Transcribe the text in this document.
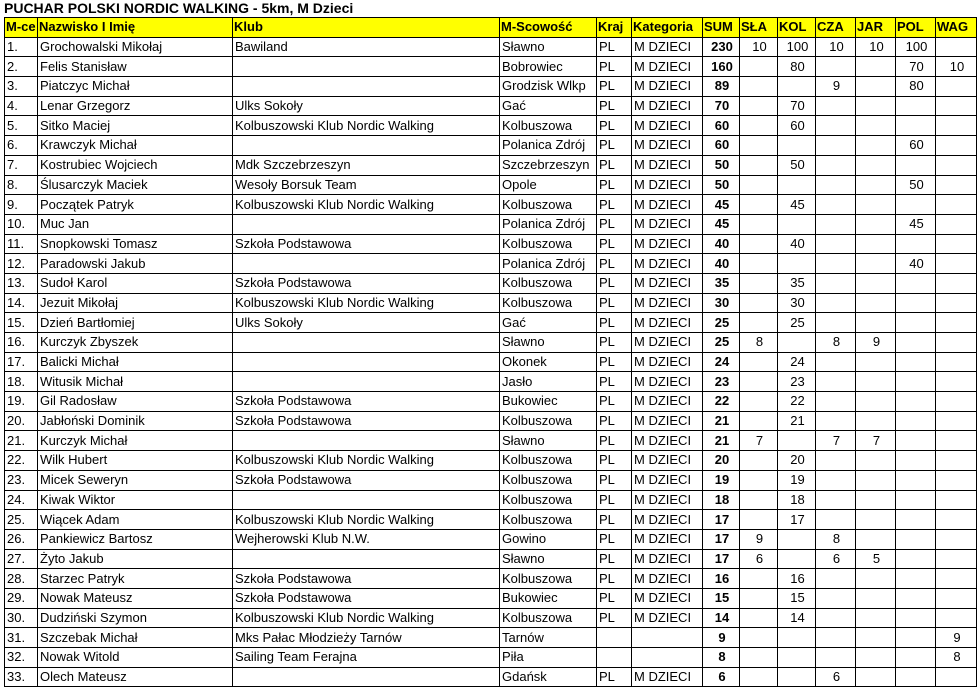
PUCHAR POLSKI NORDIC WALKING - 5km, M Dzieci
M-ce	Nazwisko I Imię	Klub	M-Scowość	Kraj	Kategoria	SUM	SŁA	KOL	CZA	JAR	POL	WAG
1.	Grochowalski Mikołaj	Bawiland	Sławno	PL	M DZIECI	230	10	100	10	10	100	
2.	Felis Stanisław		Bobrowiec	PL	M DZIECI	160		80			70	10
3.	Piatczyc Michał		Grodzisk Wlkp	PL	M DZIECI	89			9		80	
4.	Lenar Grzegorz	Ulks Sokoły	Gać	PL	M DZIECI	70		70				
5.	Sitko Maciej	Kolbuszowski Klub Nordic Walking	Kolbuszowa	PL	M DZIECI	60		60				
6.	Krawczyk Michał		Polanica Zdrój	PL	M DZIECI	60					60	
7.	Kostrubiec Wojciech	Mdk Szczebrzeszyn	Szczebrzeszyn	PL	M DZIECI	50		50				
8.	Ślusarczyk Maciek	Wesoły Borsuk Team	Opole	PL	M DZIECI	50					50	
9.	Początek Patryk	Kolbuszowski Klub Nordic Walking	Kolbuszowa	PL	M DZIECI	45		45				
10.	Muc Jan		Polanica Zdrój	PL	M DZIECI	45					45	
11.	Snopkowski Tomasz	Szkoła Podstawowa	Kolbuszowa	PL	M DZIECI	40		40				
12.	Paradowski Jakub		Polanica Zdrój	PL	M DZIECI	40					40	
13.	Sudoł Karol	Szkoła Podstawowa	Kolbuszowa	PL	M DZIECI	35		35				
14.	Jezuit Mikołaj	Kolbuszowski Klub Nordic Walking	Kolbuszowa	PL	M DZIECI	30		30				
15.	Dzień Bartłomiej	Ulks Sokoły	Gać	PL	M DZIECI	25		25				
16.	Kurczyk Zbyszek		Sławno	PL	M DZIECI	25	8		8	9		
17.	Balicki Michał		Okonek	PL	M DZIECI	24		24				
18.	Witusik Michał		Jasło	PL	M DZIECI	23		23				
19.	Gil Radosław	Szkoła Podstawowa	Bukowiec	PL	M DZIECI	22		22				
20.	Jabłoński Dominik	Szkoła Podstawowa	Kolbuszowa	PL	M DZIECI	21		21				
21.	Kurczyk Michał		Sławno	PL	M DZIECI	21	7		7	7		
22.	Wilk Hubert	Kolbuszowski Klub Nordic Walking	Kolbuszowa	PL	M DZIECI	20		20				
23.	Micek Seweryn	Szkoła Podstawowa	Kolbuszowa	PL	M DZIECI	19		19				
24.	Kiwak Wiktor		Kolbuszowa	PL	M DZIECI	18		18				
25.	Wiącek Adam	Kolbuszowski Klub Nordic Walking	Kolbuszowa	PL	M DZIECI	17		17				
26.	Pankiewicz Bartosz	Wejherowski Klub N.W.	Gowino	PL	M DZIECI	17	9		8			
27.	Żyto Jakub		Sławno	PL	M DZIECI	17	6		6	5		
28.	Starzec Patryk	Szkoła Podstawowa	Kolbuszowa	PL	M DZIECI	16		16				
29.	Nowak Mateusz	Szkoła Podstawowa	Bukowiec	PL	M DZIECI	15		15				
30.	Dudziński Szymon	Kolbuszowski Klub Nordic Walking	Kolbuszowa	PL	M DZIECI	14		14				
31.	Szczebak Michał	Mks Pałac Młodzieży Tarnów	Tarnów			9						9
32.	Nowak Witold	Sailing Team Ferajna	Piła			8						8
33.	Olech Mateusz		Gdańsk	PL	M DZIECI	6			6			
